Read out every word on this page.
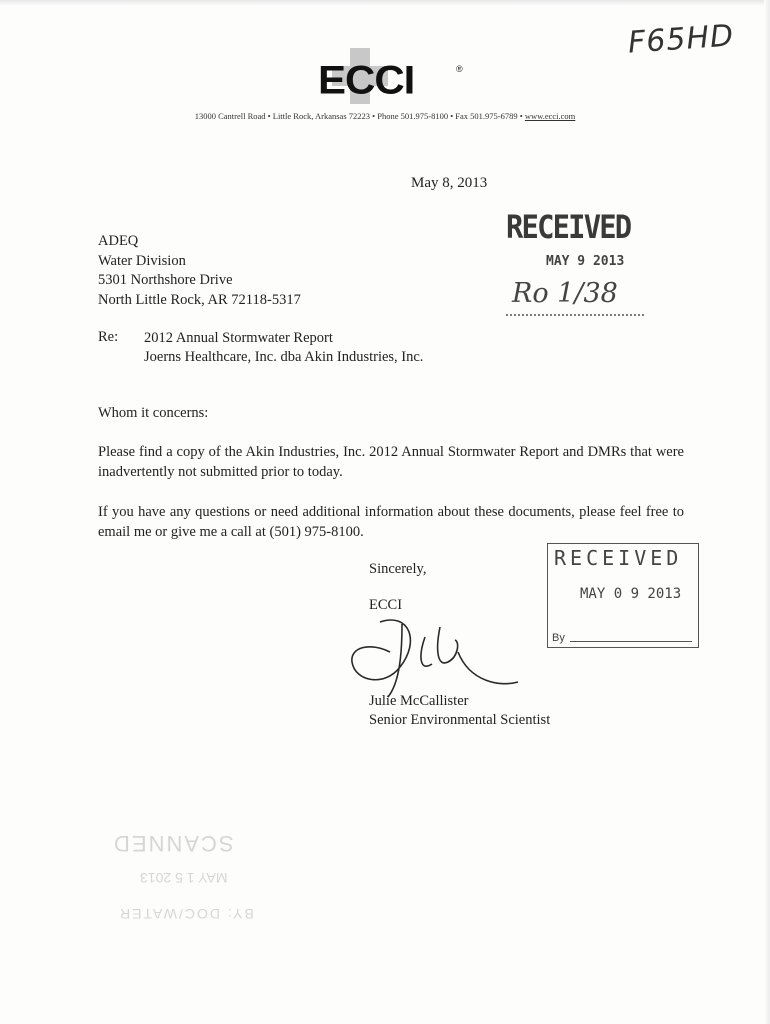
F65HD
ECCI	®
13000 Cantrell Road • Little Rock, Arkansas 72223 • Phone 501.975-8100 • Fax 501.975-6789 • www.ecci.com
May 8, 2013
ADEQ
Water Division
5301 Northshore Drive
North Little Rock, AR 72118-5317
Re: 2012 Annual Stormwater Report
Joerns Healthcare, Inc. dba Akin Industries, Inc.
Whom it concerns:
Please find a copy of the Akin Industries, Inc. 2012 Annual Stormwater Report and DMRs that were inadvertently not submitted prior to today.
If you have any questions or need additional information about these documents, please feel free to email me or give me a call at (501) 975-8100.
Sincerely,
ECCI
Julie McCallister
Senior Environmental Scientist
RECEIVED
MAY 9 2013
Ro 1/38
RECEIVED
MAY 0 9 2013
By
SCANNED
MAY 1 5 2013
BY: DOC/WATER
